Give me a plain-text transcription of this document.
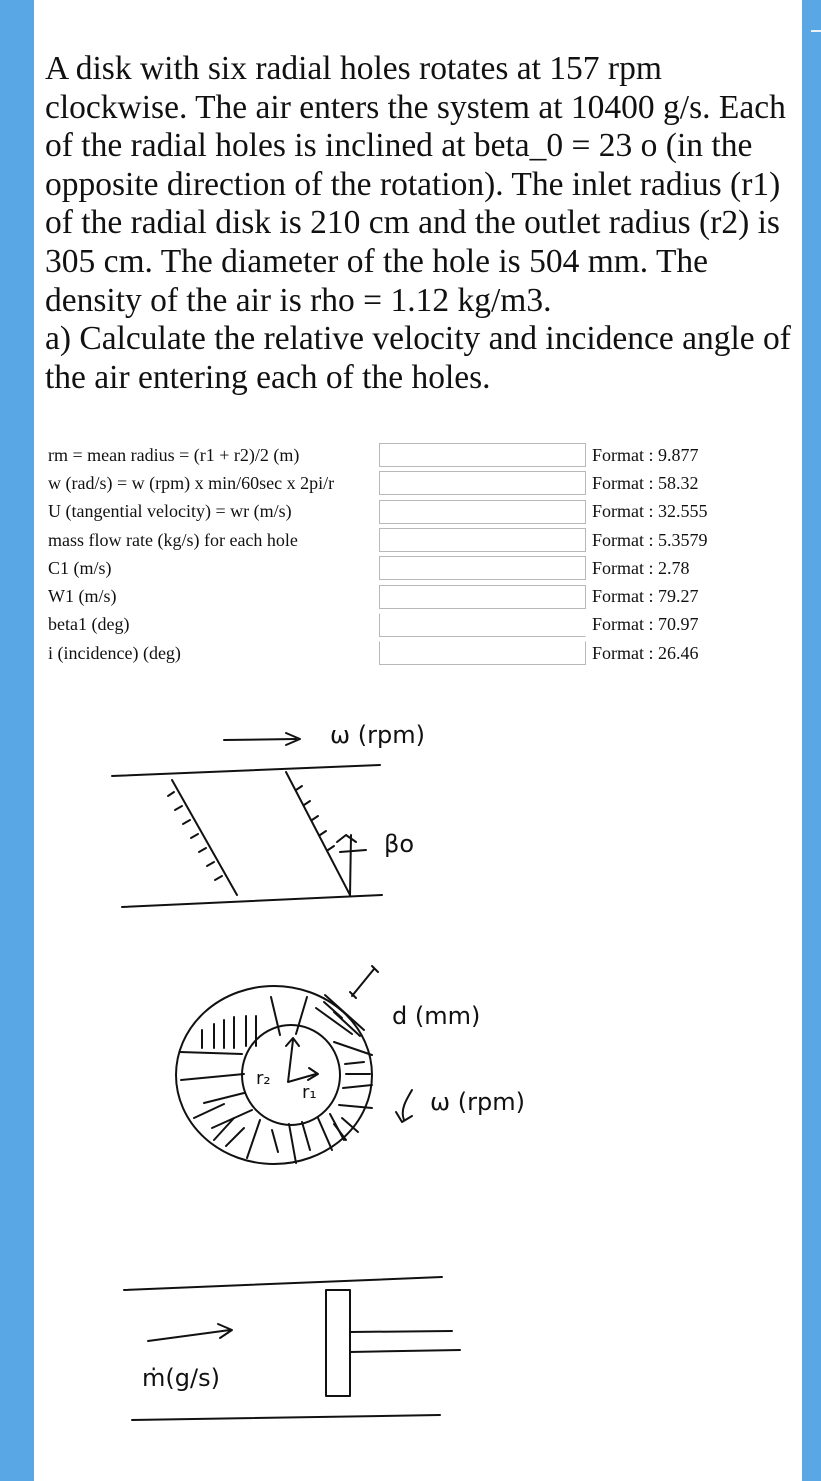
A disk with six radial holes rotates at 157 rpm clockwise. The air enters the system at 10400 g/s. Each of the radial holes is inclined at beta_0 = 23 o (in the opposite direction of the rotation). The inlet radius (r1) of the radial disk is 210 cm and the outlet radius (r2) is 305 cm. The diameter of the hole is 504 mm. The density of the air is rho = 1.12 kg/m3.

a) Calculate the relative velocity and incidence angle of the air entering each of the holes.

rm = mean radius = (r1 + r2)/2 (m)		Format : 9.877
w (rad/s) = w (rpm) x min/60sec x 2pi/r		Format : 58.32
U (tangential velocity) = wr (m/s)		Format : 32.555
mass flow rate (kg/s) for each hole		Format : 5.3579
C1 (m/s)		Format : 2.78
W1 (m/s)		Format : 79.27
beta1 (deg)		Format : 70.97
i (incidence) (deg)		Format : 26.46
ω (rpm)
βo
d (mm)
r₂
r₁	ω (rpm)
ṁ(g/s)
